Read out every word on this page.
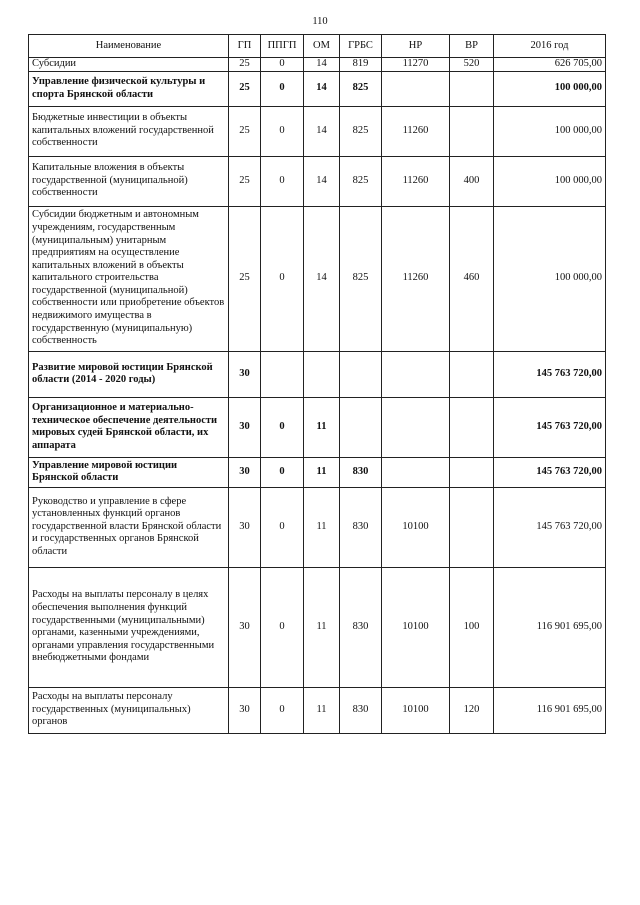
110
Наименование	ГП	ППГП	ОМ	ГРБС	НР	ВР	2016 год
Субсидии	25	0	14	819	11270	520	626 705,00
Управление физической культуры и спорта Брянской области	25	0	14	825			100 000,00
Бюджетные инвестиции в объекты капитальных вложений государственной собственности	25	0	14	825	11260		100 000,00
Капитальные вложения в объекты государственной (муниципальной) собственности	25	0	14	825	11260	400	100 000,00
Субсидии бюджетным и автономным учреждениям, государственным (муниципальным) унитарным предприятиям на осуществление капитальных вложений в объекты капитального строительства государственной (муниципальной) собственности или приобретение объектов недвижимого имущества в государственную (муниципальную) собственность	25	0	14	825	11260	460	100 000,00
Развитие мировой юстиции Брянской области (2014 - 2020 годы)	30						145 763 720,00
Организационное и материально-техническое обеспечение деятельности мировых судей Брянской области, их аппарата	30	0	11				145 763 720,00
Управление мировой юстиции Брянской области	30	0	11	830			145 763 720,00
Руководство и управление в сфере установленных функций органов государственной власти Брянской области и государственных органов Брянской области	30	0	11	830	10100		145 763 720,00
Расходы на выплаты персоналу в целях обеспечения выполнения функций государственными (муниципальными) органами, казенными учреждениями, органами управления государственными внебюджетными фондами	30	0	11	830	10100	100	116 901 695,00
Расходы на выплаты персоналу государственных (муниципальных) органов	30	0	11	830	10100	120	116 901 695,00
